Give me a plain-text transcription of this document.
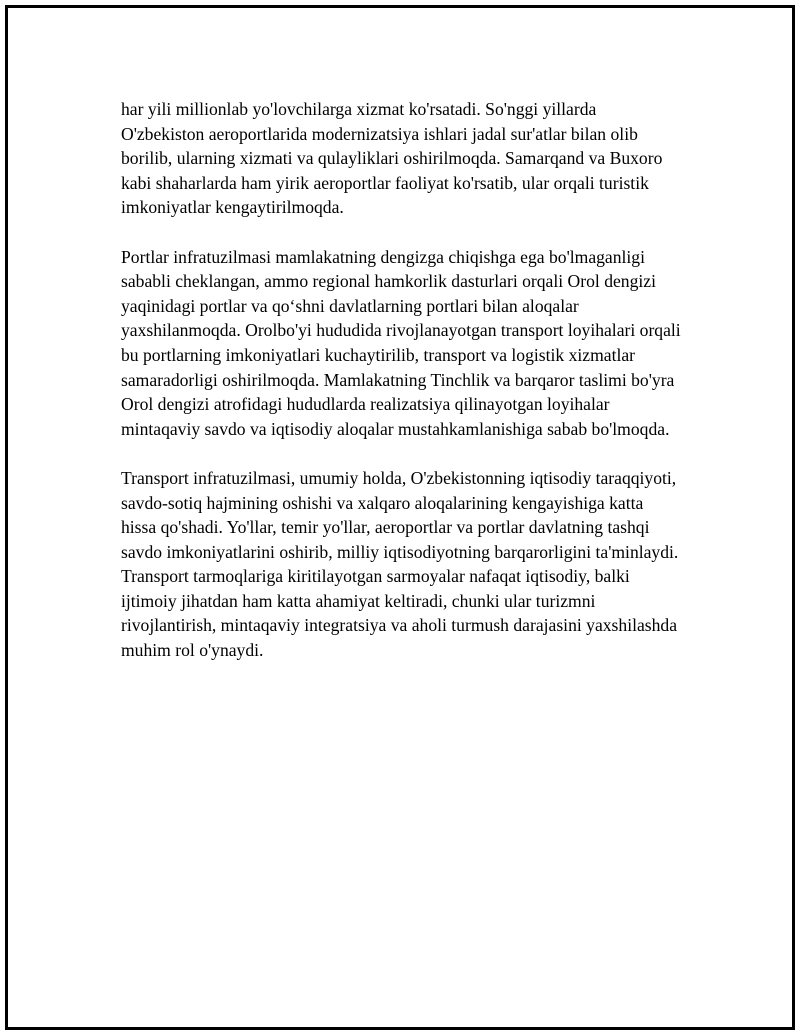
har yili millionlab yo'lovchilarga xizmat ko'rsatadi. So'nggi yillarda O'zbekiston aeroportlarida modernizatsiya ishlari jadal sur'atlar bilan olib borilib, ularning xizmati va qulayliklari oshirilmoqda. Samarqand va Buxoro kabi shaharlarda ham yirik aeroportlar faoliyat ko'rsatib, ular orqali turistik imkoniyatlar kengaytirilmoqda.

Portlar infratuzilmasi mamlakatning dengizga chiqishga ega bo'lmaganligi sababli cheklangan, ammo regional hamkorlik dasturlari orqali Orol dengizi yaqinidagi portlar va qo‘shni davlatlarning portlari bilan aloqalar yaxshilanmoqda. Orolbo'yi hududida rivojlanayotgan transport loyihalari orqali bu portlarning imkoniyatlari kuchaytirilib, transport va logistik xizmatlar samaradorligi oshirilmoqda. Mamlakatning Tinchlik va barqaror taslimi bo'yra Orol dengizi atrofidagi hududlarda realizatsiya qilinayotgan loyihalar mintaqaviy savdo va iqtisodiy aloqalar mustahkamlanishiga sabab bo'lmoqda.

Transport infratuzilmasi, umumiy holda, O'zbekistonning iqtisodiy taraqqiyoti, savdo-sotiq hajmining oshishi va xalqaro aloqalarining kengayishiga katta hissa qo'shadi. Yo'llar, temir yo'llar, aeroportlar va portlar davlatning tashqi savdo imkoniyatlarini oshirib, milliy iqtisodiyotning barqarorligini ta'minlaydi. Transport tarmoqlariga kiritilayotgan sarmoyalar nafaqat iqtisodiy, balki ijtimoiy jihatdan ham katta ahamiyat keltiradi, chunki ular turizmni rivojlantirish, mintaqaviy integratsiya va aholi turmush darajasini yaxshilashda muhim rol o'ynaydi.
